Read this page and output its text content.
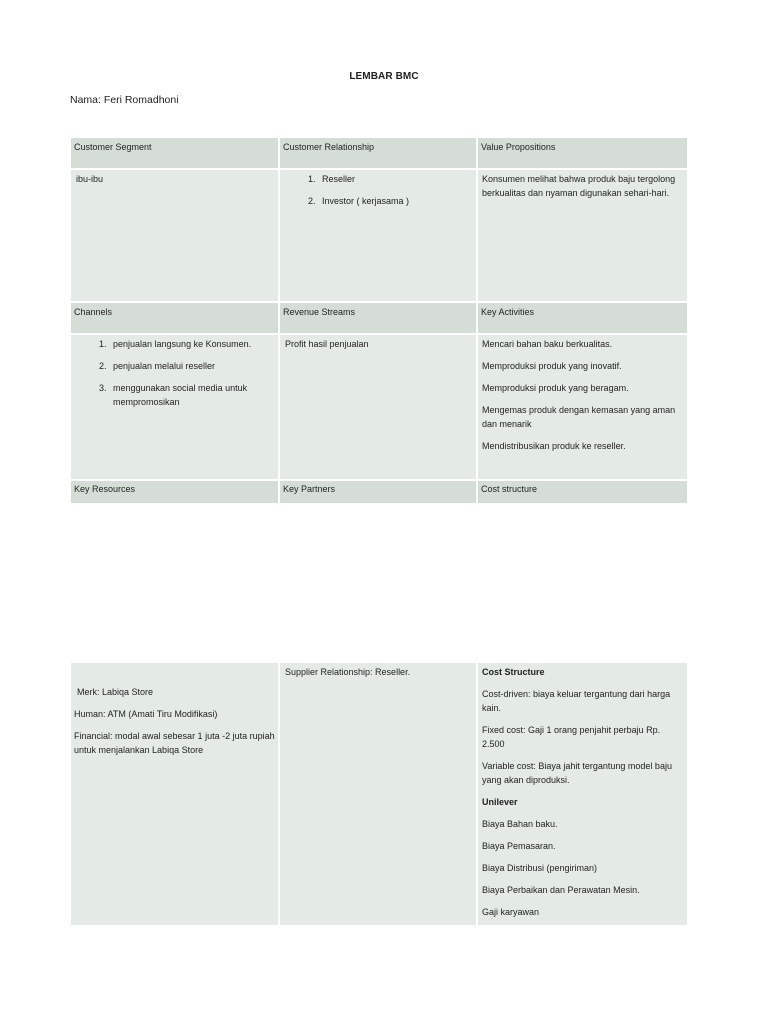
LEMBAR BMC
Nama: Feri Romadhoni
Customer Segment	Customer Relationship	Value Propositions
ibu-ibu
1.	Reseller
2. Investor ( kerjasama )
Konsumen melihat bahwa produk baju tergolong berkualitas dan nyaman digunakan sehari-hari.
Channels	Revenue Streams	Key Activities
1. penjualan langsung ke Konsumen.
2. penjualan melalui reseller
3. menggunakan social media untuk mempromosikan
Profit hasil penjualan	Mencari bahan baku berkualitas.

Memproduksi produk yang inovatif.

Memproduksi produk yang beragam.

Mengemas produk dengan kemasan yang aman dan menarik

Mendistribusikan produk ke reseller.

Key Resources	Key Partners	Cost structure

Merk: Labiqa Store

Human: ATM (Amati Tiru Modifikasi)

Financial: modal awal sebesar 1 juta -2 juta rupiah untuk menjalankan Labiqa Store

Supplier Relationship: Reseller.	Cost Structure

Cost-driven: biaya keluar tergantung dari harga kain.

Fixed cost: Gaji 1 orang penjahit perbaju Rp. 2.500

Variable cost: Biaya jahit tergantung model baju yang akan diproduksi.

Unilever

Biaya Bahan baku.

Biaya Pemasaran.

Biaya Distribusi (pengiriman)

Biaya Perbaikan dan Perawatan Mesin.

Gaji karyawan
